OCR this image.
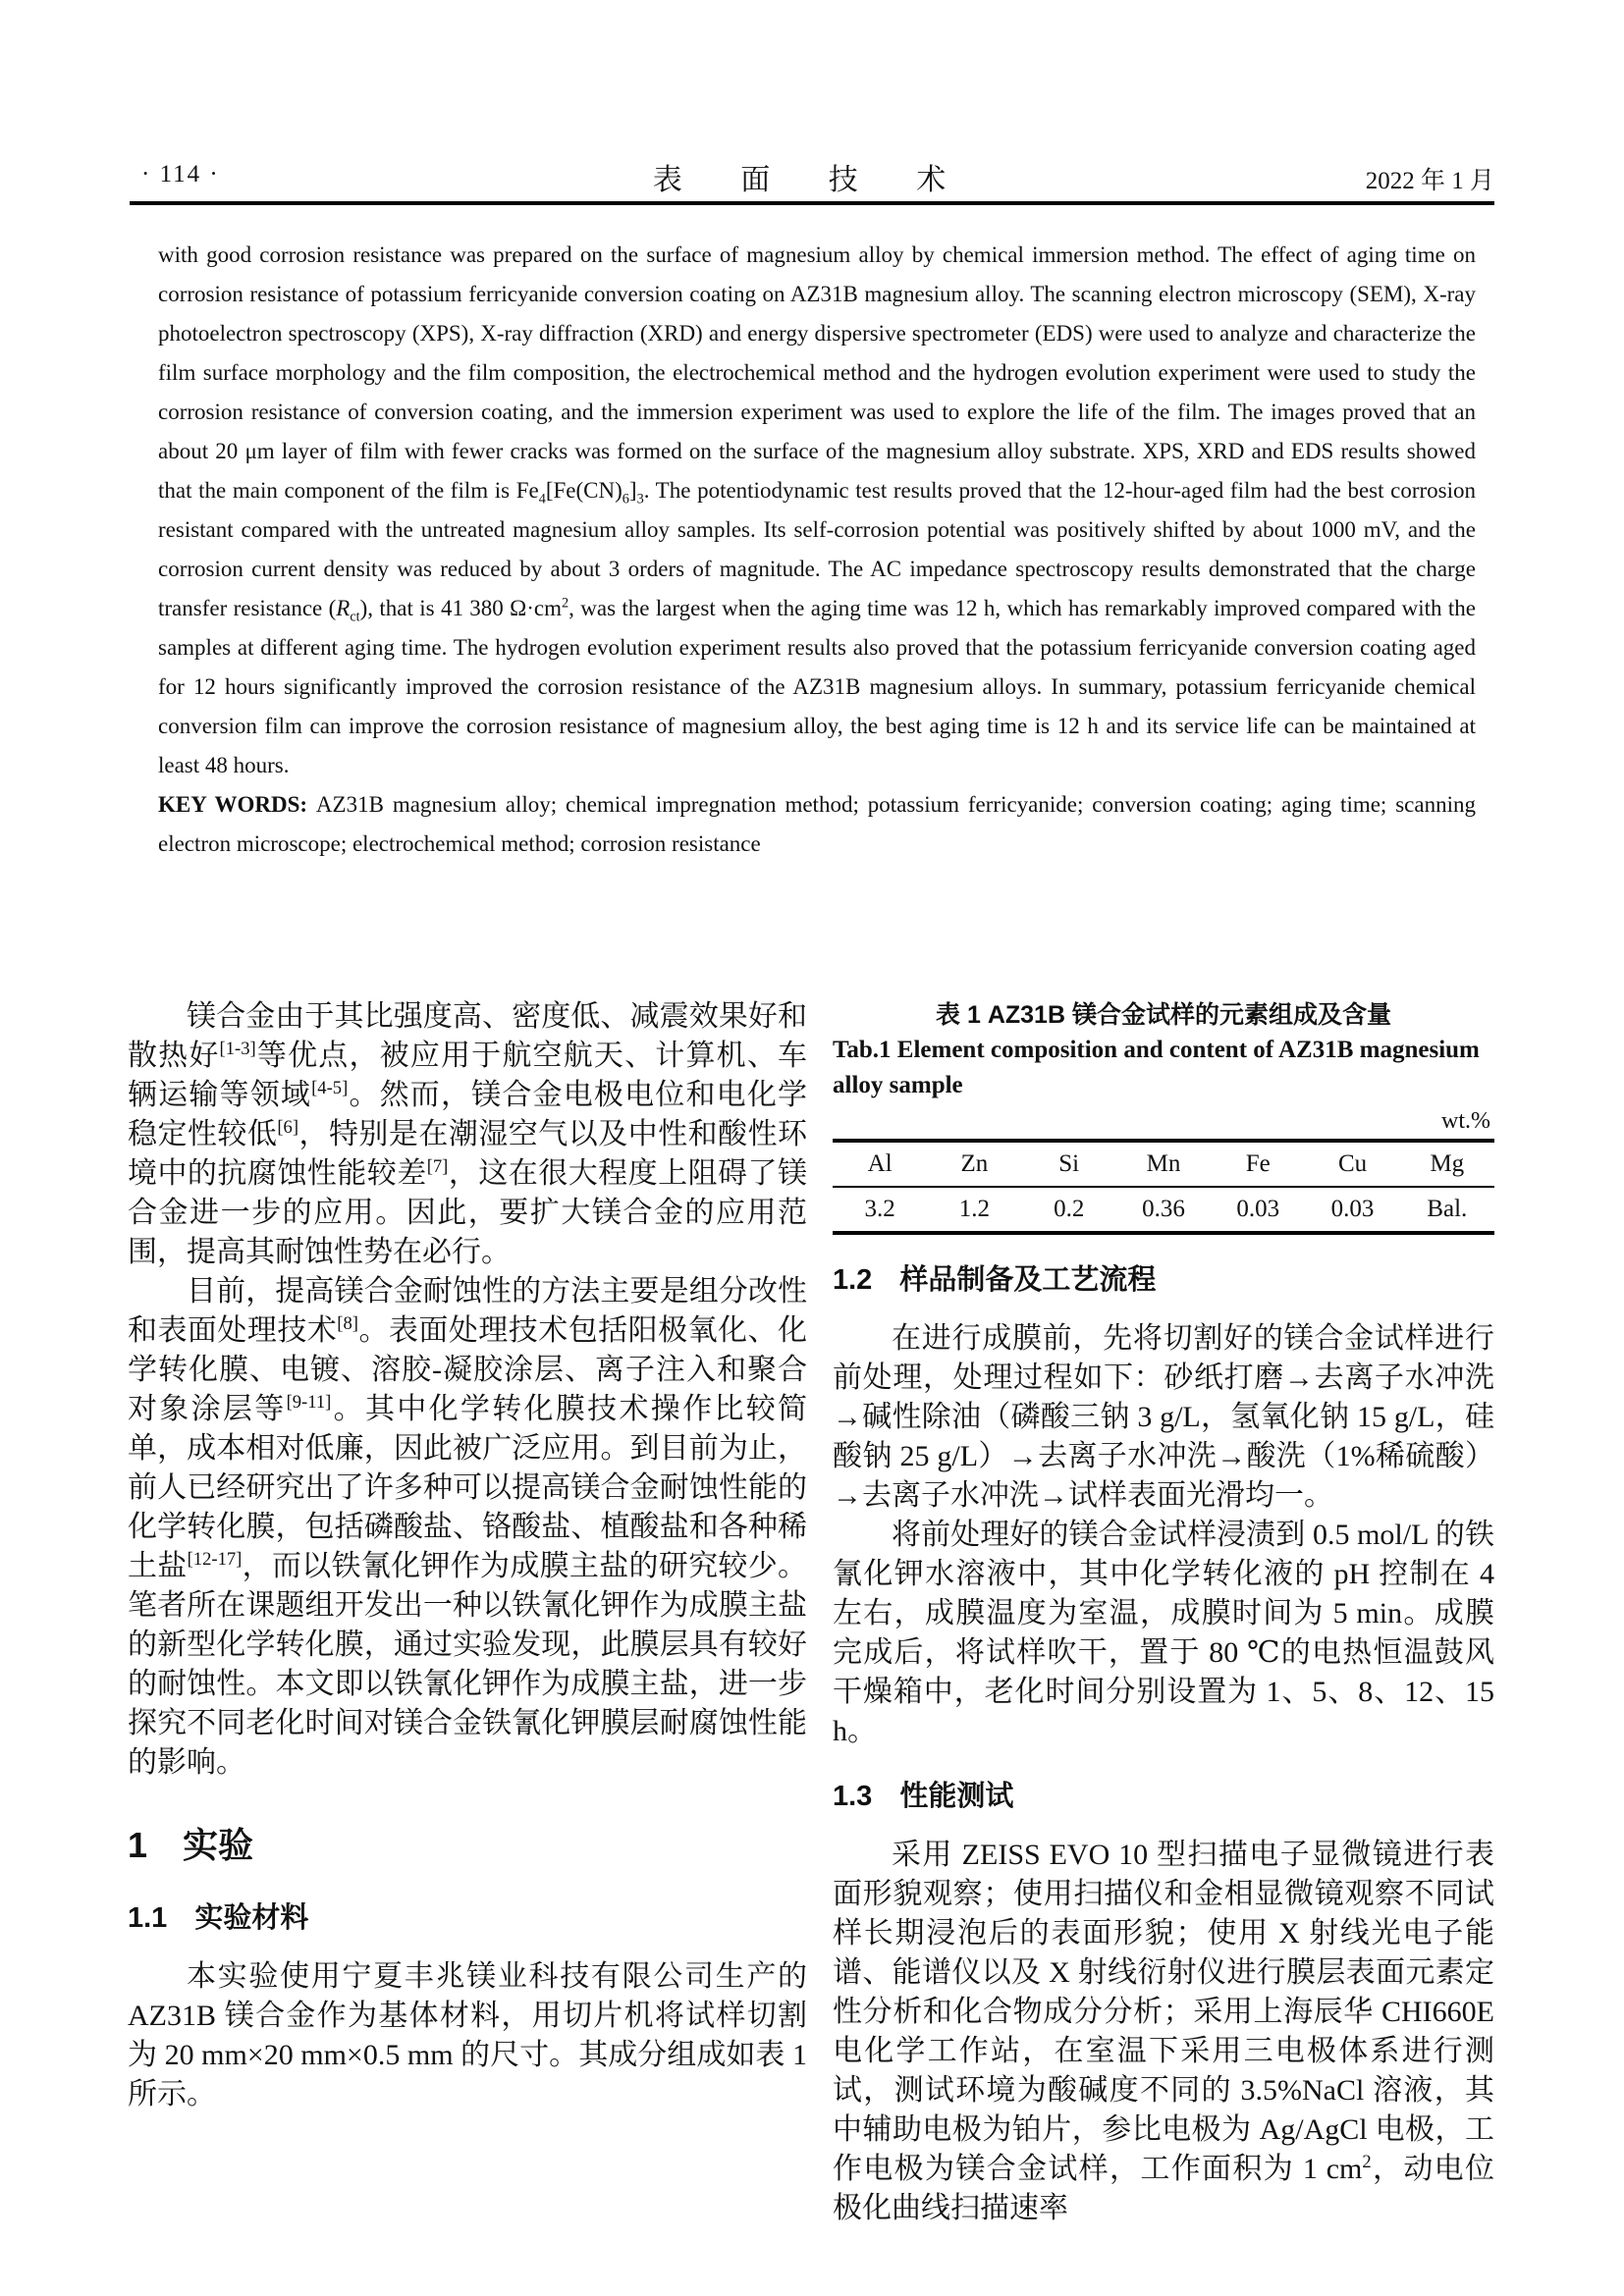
· 114 ·	表 面 技 术	2022 年 1 月

with good corrosion resistance was prepared on the surface of magnesium alloy by chemical immersion method. The effect of aging time on corrosion resistance of potassium ferricyanide conversion coating on AZ31B magnesium alloy. The scanning electron microscopy (SEM), X-ray photoelectron spectroscopy (XPS), X-ray diffraction (XRD) and energy dispersive spectrometer (EDS) were used to analyze and characterize the film surface morphology and the film composition, the electrochemical method and the hydrogen evolution experiment were used to study the corrosion resistance of conversion coating, and the immersion experiment was used to explore the life of the film. The images proved that an about 20 μm layer of film with fewer cracks was formed on the surface of the magnesium alloy substrate. XPS, XRD and EDS results showed that the main component of the film is $Fe_4[Fe(CN)_6]_3$. The potentiodynamic test results proved that the 12-hour-aged film had the best corrosion resistant compared with the untreated magnesium alloy samples. Its self-corrosion potential was positively shifted by about 1000 mV, and the corrosion current density was reduced by about 3 orders of magnitude. The AC impedance spectroscopy results demonstrated that the charge transfer resistance $(R_{ct})$, that is 41 380 $\Omega\cdot cm^2$, was the largest when the aging time was 12 h, which has remarkably improved compared with the samples at different aging time. The hydrogen evolution experiment results also proved that the potassium ferricyanide conversion coating aged for 12 hours significantly improved the corrosion resistance of the AZ31B magnesium alloys. In summary, potassium ferricyanide chemical conversion film can improve the corrosion resistance of magnesium alloy, the best aging time is 12 h and its service life can be maintained at least 48 hours.

KEY WORDS: AZ31B magnesium alloy; chemical impregnation method; potassium ferricyanide; conversion coating; aging time; scanning electron microscope; electrochemical method; corrosion resistance

镁合金由于其比强度高、密度低、减震效果好和散热好[1-3]等优点，被应用于航空航天、计算机、车辆运输等领域[4-5]。然而，镁合金电极电位和电化学稳定性较低[6]，特别是在潮湿空气以及中性和酸性环境中的抗腐蚀性能较差[7]，这在很大程度上阻碍了镁合金进一步的应用。因此，要扩大镁合金的应用范围，提高其耐蚀性势在必行。

目前，提高镁合金耐蚀性的方法主要是组分改性和表面处理技术[8]。表面处理技术包括阳极氧化、化学转化膜、电镀、溶胶-凝胶涂层、离子注入和聚合对象涂层等[9-11]。其中化学转化膜技术操作比较简单，成本相对低廉，因此被广泛应用。到目前为止，前人已经研究出了许多种可以提高镁合金耐蚀性能的化学转化膜，包括磷酸盐、铬酸盐、植酸盐和各种稀土盐[12-17]，而以铁氰化钾作为成膜主盐的研究较少。笔者所在课题组开发出一种以铁氰化钾作为成膜主盐的新型化学转化膜，通过实验发现，此膜层具有较好的耐蚀性。本文即以铁氰化钾作为成膜主盐，进一步探究不同老化时间对镁合金铁氰化钾膜层耐腐蚀性能的影响。

1 实验
1.1 实验材料

本实验使用宁夏丰兆镁业科技有限公司生产的 AZ31B 镁合金作为基体材料，用切片机将试样切割为 20 mm×20 mm×0.5 mm 的尺寸。其成分组成如表 1 所示。

表 1 AZ31B 镁合金试样的元素组成及含量
Tab.1 Element composition and content of AZ31B magnesium alloy sample
wt.%
Al	Zn	Si	Mn	Fe	Cu	Mg
3.2	1.2	0.2	0.36	0.03	0.03	Bal.
1.2 样品制备及工艺流程

在进行成膜前，先将切割好的镁合金试样进行前处理，处理过程如下：砂纸打磨→去离子水冲洗→碱性除油（磷酸三钠 3 g/L，氢氧化钠 15 g/L，硅酸钠 25 g/L）→去离子水冲洗→酸洗（1%稀硫酸）→去离子水冲洗→试样表面光滑均一。

将前处理好的镁合金试样浸渍到 0.5 mol/L 的铁氰化钾水溶液中，其中化学转化液的 pH 控制在 4 左右，成膜温度为室温，成膜时间为 5 min。成膜完成后，将试样吹干，置于 80 ℃的电热恒温鼓风干燥箱中，老化时间分别设置为 1、5、8、12、15 h。

1.3 性能测试

采用 ZEISS EVO 10 型扫描电子显微镜进行表面形貌观察；使用扫描仪和金相显微镜观察不同试样长期浸泡后的表面形貌；使用 X 射线光电子能谱、能谱仪以及 X 射线衍射仪进行膜层表面元素定性分析和化合物成分分析；采用上海辰华 CHI660E 电化学工作站，在室温下采用三电极体系进行测试，测试环境为酸碱度不同的 3.5%NaCl 溶液，其中辅助电极为铂片，参比电极为 Ag/AgCl 电极，工作电极为镁合金试样，工作面积为 1 $cm^2$，动电位极化曲线扫描速率
